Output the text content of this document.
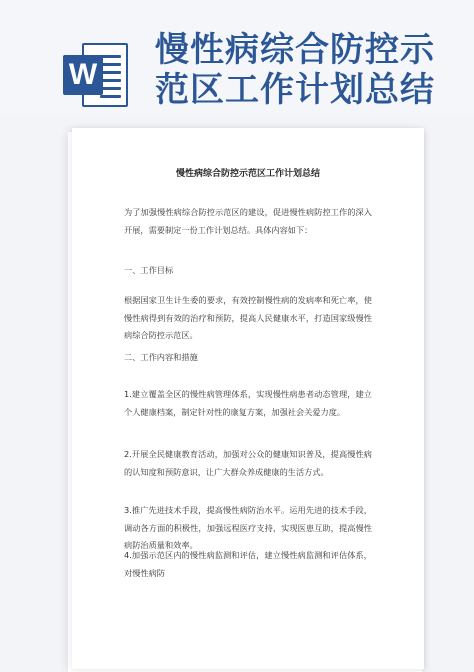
W
慢性病综合防控示范区工作计划总结
慢性病综合防控示范区工作计划总结

为了加强慢性病综合防控示范区的建设，促进慢性病防控工作的深入开展，需要制定一份工作计划总结。具体内容如下：

一、工作目标

根据国家卫生计生委的要求，有效控制慢性病的发病率和死亡率，使慢性病得到有效的治疗和预防，提高人民健康水平，打造国家级慢性病综合防控示范区。

二、工作内容和措施

1.建立覆盖全区的慢性病管理体系，实现慢性病患者动态管理，建立个人健康档案，制定针对性的康复方案，加强社会关爱力度。

2.开展全民健康教育活动，加强对公众的健康知识普及，提高慢性病的认知度和预防意识，让广大群众养成健康的生活方式。

3.推广先进技术手段，提高慢性病防治水平。运用先进的技术手段，调动各方面的积极性，加强远程医疗支持，实现医患互助，提高慢性病防治质量和效率。

4.加强示范区内的慢性病监测和评估，建立慢性病监测和评估体系，对慢性病防
